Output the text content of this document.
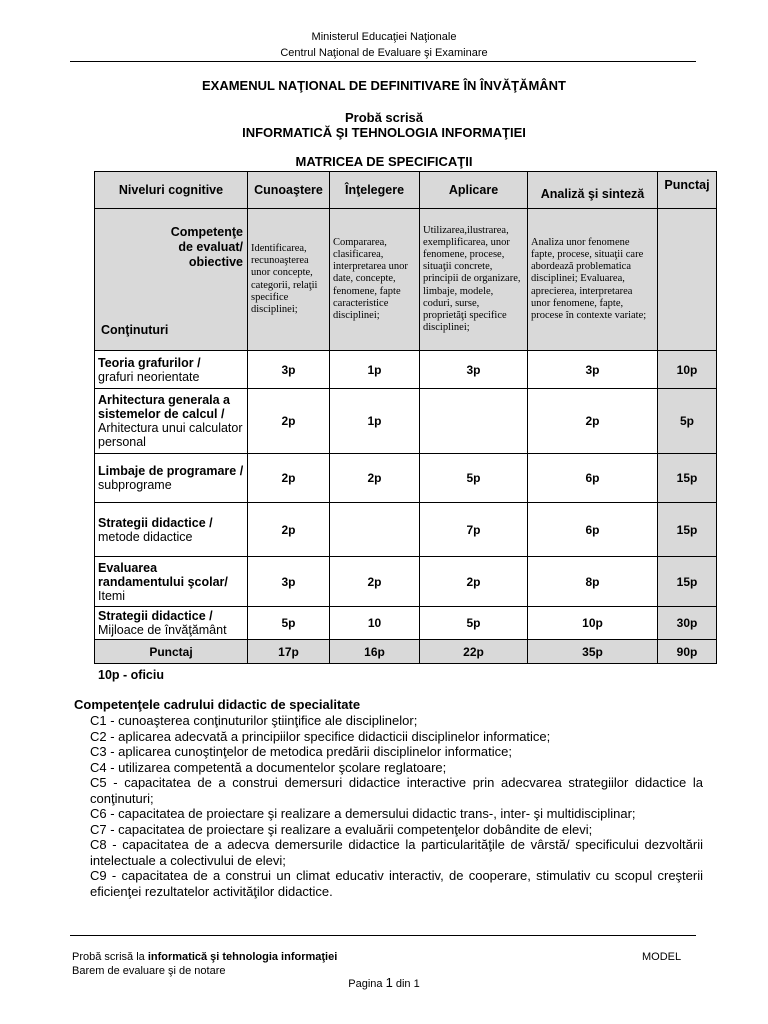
Ministerul Educaţiei Naţionale
Centrul Naţional de Evaluare şi Examinare
EXAMENUL NAŢIONAL DE DEFINITIVARE ÎN ÎNVĂŢĂMÂNT
Probă scrisă
INFORMATICĂ ŞI TEHNOLOGIA INFORMAŢIEI
MATRICEA DE SPECIFICAŢII
Niveluri cognitive	Cunoaştere	Înţelegere	Aplicare	Analiză şi sinteză	Punctaj

Competenţe
de evaluat/
obiective
Conţinuturi	Identificarea, recunoaşterea unor concepte, categorii, relaţii specifice disciplinei;	Compararea, clasificarea, interpretarea unor date, concepte, fenomene, fapte caracteristice disciplinei;	Utilizarea,ilustrarea, exemplificarea, unor fenomene, procese, situaţii concrete, principii de organizare, limbaje, modele, coduri, surse, proprietăţi specifice disciplinei;	Analiza unor fenomene fapte, procese, situaţii care abordează problematica disciplinei; Evaluarea, aprecierea, interpretarea unor fenomene, fapte, procese în contexte variate;	
Teoria grafurilor /
grafuri neorientate	3p	1p	3p	3p	10p
Arhitectura generala a sistemelor de calcul /
Arhitectura unui calculator personal	2p	1p		2p	5p
Limbaje de programare /
subprograme	2p	2p	5p	6p	15p
Strategii didactice /
metode didactice	2p		7p	6p	15p
Evaluarea randamentului şcolar/
Itemi	3p	2p	2p	8p	15p
Strategii didactice /
Mijloace de învăţământ	5p	10	5p	10p	30p
Punctaj	17p	16p	22p	35p	90p
10p - oficiu
Competenţele cadrului didactic de specialitate
C1 - cunoaşterea conţinuturilor ştiinţifice ale disciplinelor;
C2 - aplicarea adecvată a principiilor specifice didacticii disciplinelor informatice;
C3 - aplicarea cunoştinţelor de metodica predării disciplinelor informatice;
C4 - utilizarea competentă a documentelor şcolare reglatoare;
C5 - capacitatea de a construi demersuri didactice interactive prin adecvarea strategiilor didactice la conţinuturi;
C6 - capacitatea de proiectare şi realizare a demersului didactic trans-, inter- şi multidisciplinar;
C7 - capacitatea de proiectare şi realizare a evaluării competenţelor dobândite de elevi;
C8 - capacitatea de a adecva demersurile didactice la particularităţile de vârstă/ specificului dezvoltării intelectuale a colectivului de elevi;
C9 - capacitatea de a construi un climat educativ interactiv, de cooperare, stimulativ cu scopul creşterii eficienţei rezultatelor activităţilor didactice.
Probă scrisă la informatică şi tehnologia informaţiei
Barem de evaluare şi de notare
MODEL
Pagina 1 din 1
